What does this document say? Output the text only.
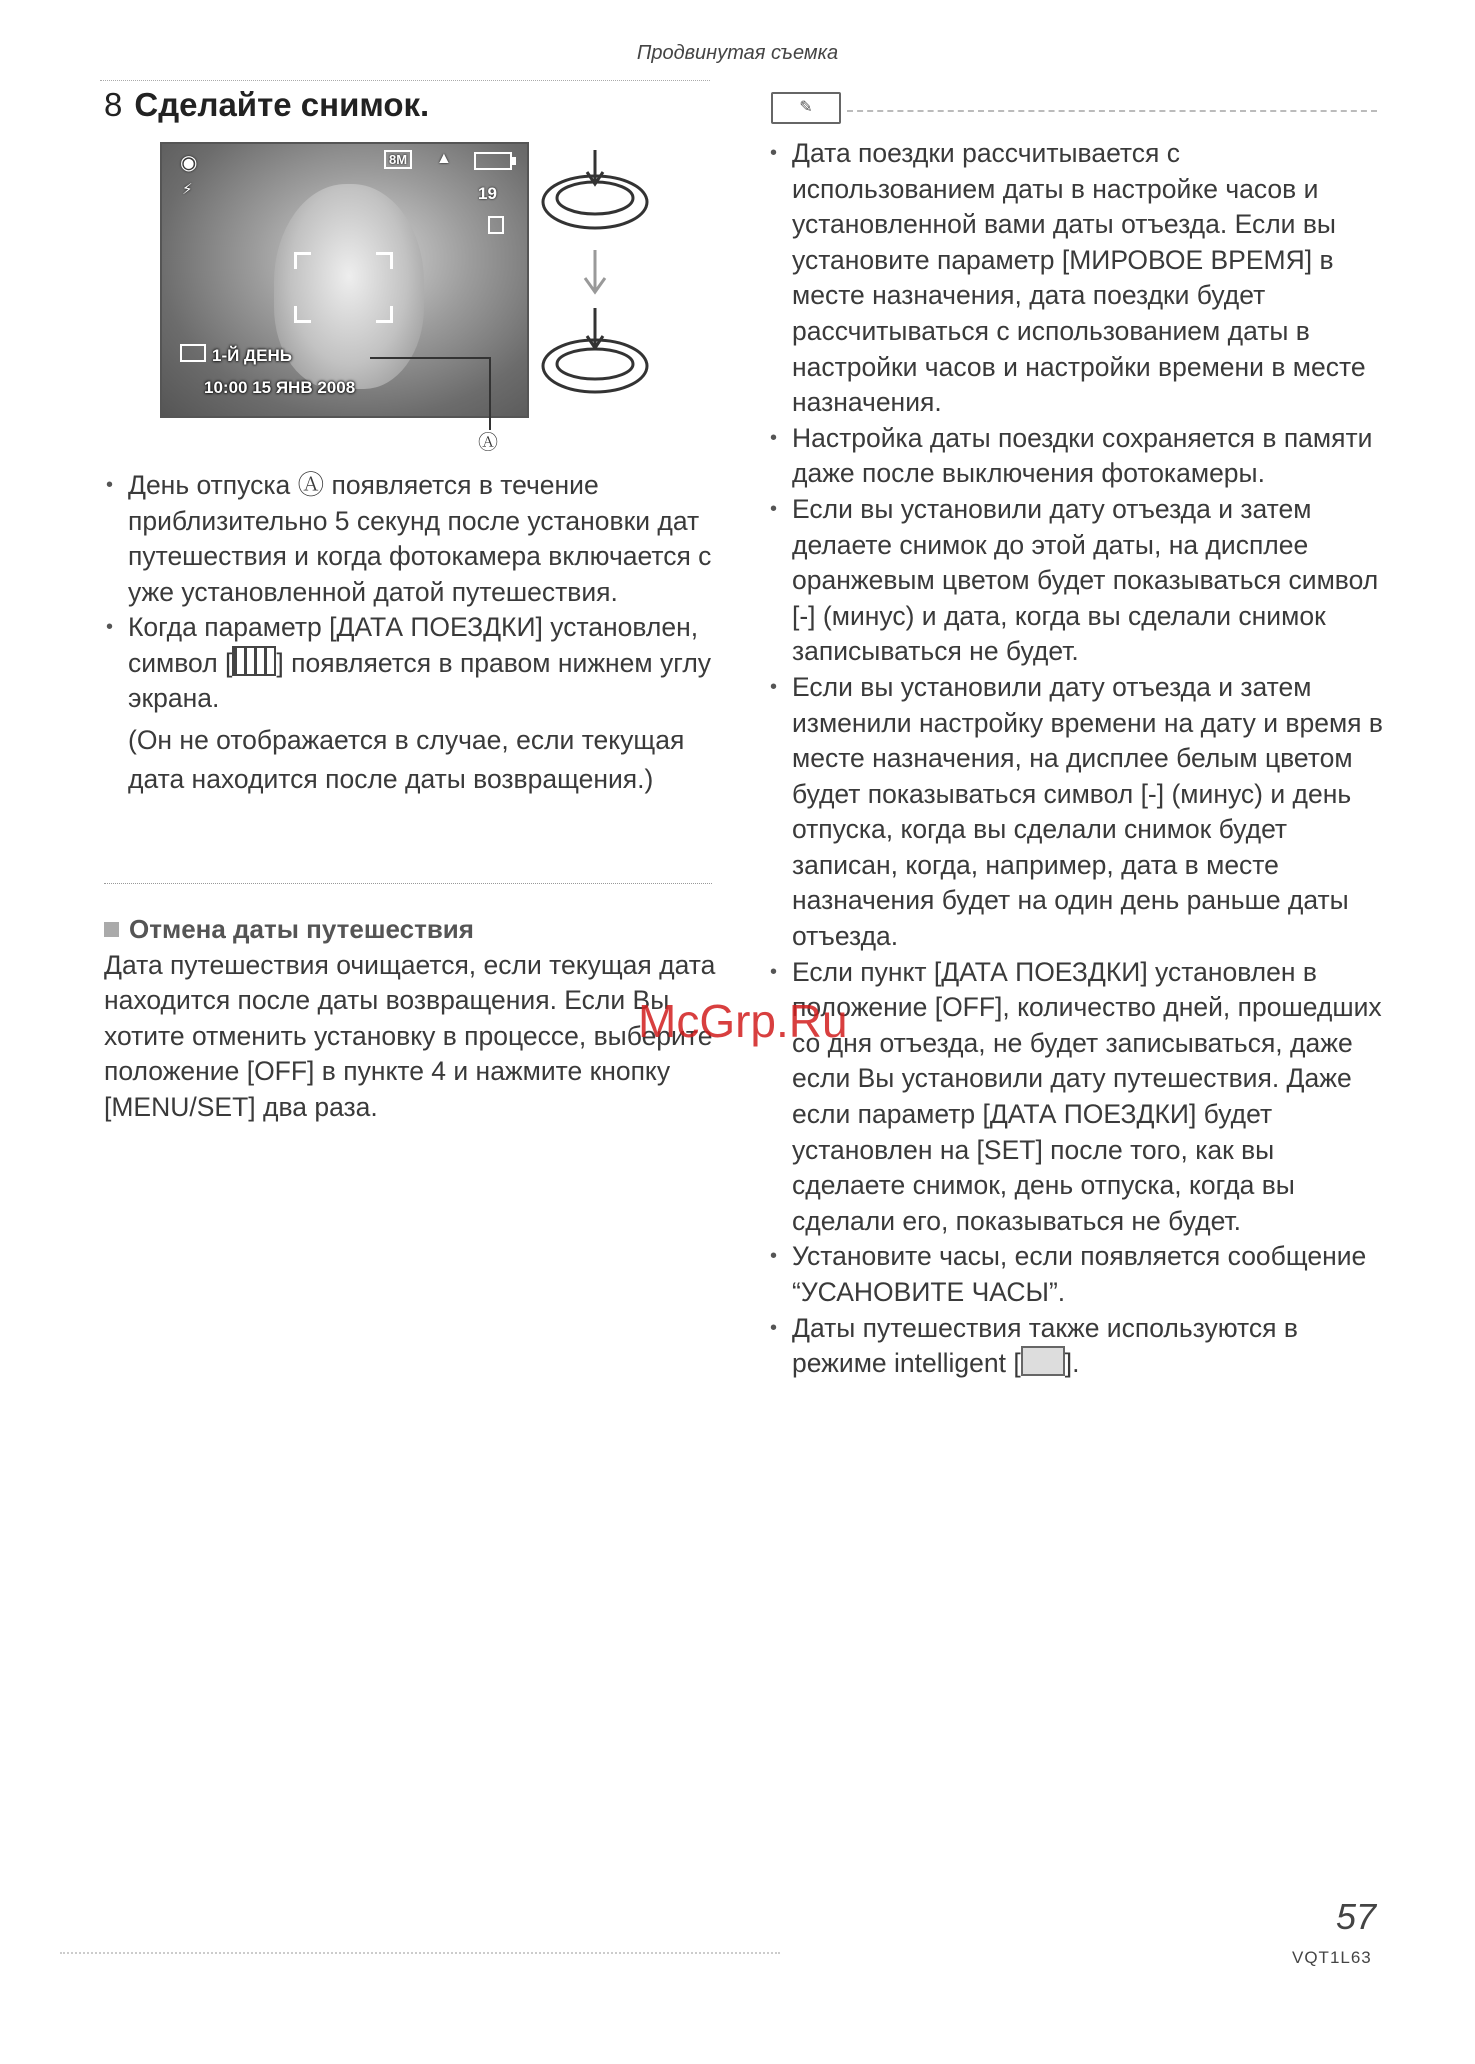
Продвинутая съемка
8 Сделайте снимок.
◉
⚡
8M	▲
19
1-Й ДЕНЬ
10:00 15 ЯНВ 2008
Ⓐ

• День отпуска Ⓐ появляется в течение приблизительно 5 секунд после установки дат путешествия и когда фотокамера включается с уже установленной датой путешествия.

• Когда параметр [ДАТА ПОЕЗДКИ] установлен, символ [ ] появляется в правом нижнем углу экрана.

(Он не отображается в случае, если текущая дата находится после даты возвращения.)

Отмена даты путешествия

Дата путешествия очищается, если текущая дата находится после даты возвращения. Если Вы хотите отменить установку в процессе, выберите положение [OFF] в пункте 4 и нажмите кнопку [MENU/SET] два раза.

✎

• Дата поездки рассчитывается с использованием даты в настройке часов и установленной вами даты отъезда. Если вы установите параметр [МИРОВОЕ ВРЕМЯ] в месте назначения, дата поездки будет рассчитываться с использованием даты в настройки часов и настройки времени в месте назначения.

• Настройка даты поездки сохраняется в памяти даже после выключения фотокамеры.

• Если вы установили дату отъезда и затем делаете снимок до этой даты, на дисплее оранжевым цветом будет показываться символ [-] (минус) и дата, когда вы сделали снимок записываться не будет.

• Если вы установили дату отъезда и затем изменили настройку времени на дату и время в месте назначения, на дисплее белым цветом будет показываться символ [-] (минус) и день отпуска, когда вы сделали снимок будет записан, когда, например, дата в месте назначения будет на один день раньше даты отъезда.

• Если пункт [ДАТА ПОЕЗДКИ] установлен в положение [OFF], количество дней, прошедших со дня отъезда, не будет записываться, даже если Вы установили дату путешествия. Даже если параметр [ДАТА ПОЕЗДКИ] будет установлен на [SET] после того, как вы сделаете снимок, день отпуска, когда вы сделали его, показываться не будет.

• Установите часы, если появляется сообщение “УСАНОВИТЕ ЧАСЫ”.

• Даты путешествия также используются в режиме intelligent [ ].

McGrp.Ru
57
VQT1L63
